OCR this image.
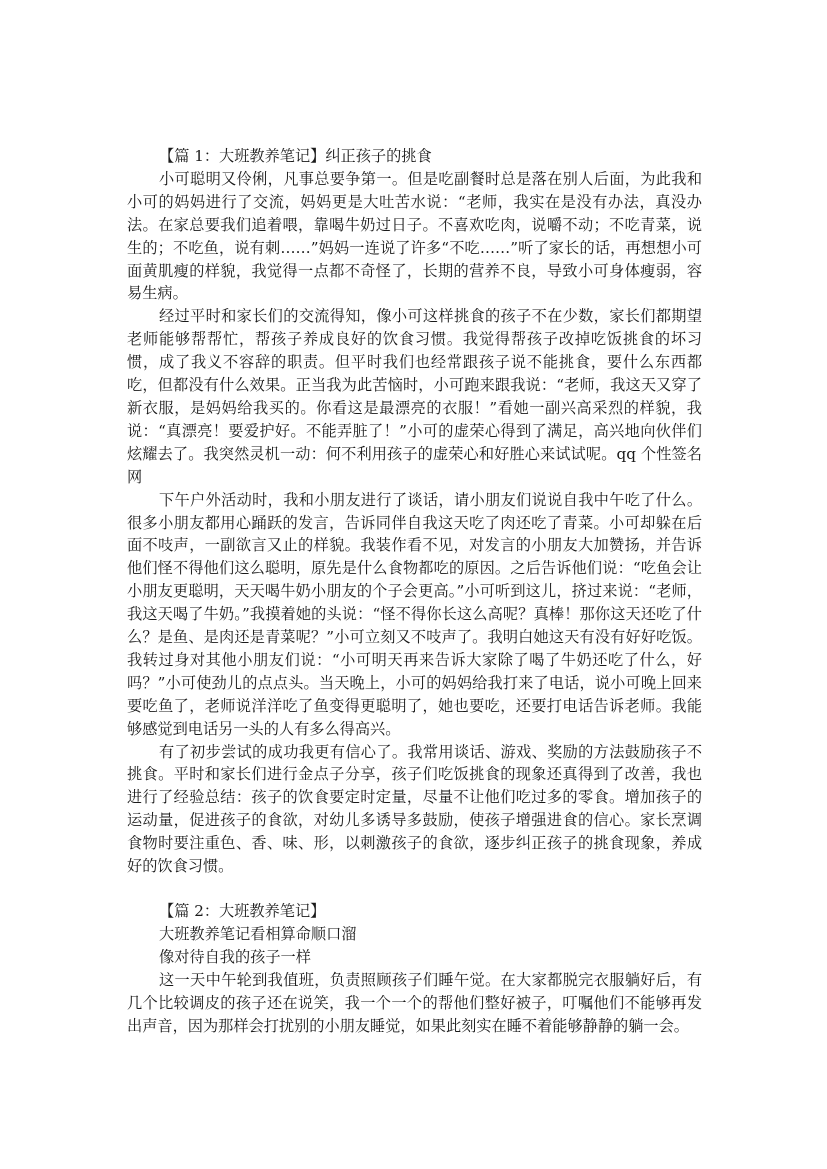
【篇 1：大班教养笔记】纠正孩子的挑食

小可聪明又伶俐，凡事总要争第一。但是吃副餐时总是落在别人后面，为此我和小可的妈妈进行了交流，妈妈更是大吐苦水说：“老师，我实在是没有办法，真没办法。在家总要我们追着喂，靠喝牛奶过日子。不喜欢吃肉，说嚼不动；不吃青菜，说生的；不吃鱼，说有刺……”妈妈一连说了许多“不吃……”听了家长的话，再想想小可面黄肌瘦的样貌，我觉得一点都不奇怪了，长期的营养不良，导致小可身体瘦弱，容易生病。

经过平时和家长们的交流得知，像小可这样挑食的孩子不在少数，家长们都期望老师能够帮帮忙，帮孩子养成良好的饮食习惯。我觉得帮孩子改掉吃饭挑食的坏习惯，成了我义不容辞的职责。但平时我们也经常跟孩子说不能挑食，要什么东西都吃，但都没有什么效果。正当我为此苦恼时，小可跑来跟我说：“老师，我这天又穿了新衣服，是妈妈给我买的。你看这是最漂亮的衣服！”看她一副兴高采烈的样貌，我说：“真漂亮！要爱护好。不能弄脏了！”小可的虚荣心得到了满足，高兴地向伙伴们炫耀去了。我突然灵机一动：何不利用孩子的虚荣心和好胜心来试试呢。qq 个性签名网

下午户外活动时，我和小朋友进行了谈话，请小朋友们说说自我中午吃了什么。很多小朋友都用心踊跃的发言，告诉同伴自我这天吃了肉还吃了青菜。小可却躲在后面不吱声，一副欲言又止的样貌。我装作看不见，对发言的小朋友大加赞扬，并告诉他们怪不得他们这么聪明，原先是什么食物都吃的原因。之后告诉他们说：“吃鱼会让小朋友更聪明，天天喝牛奶小朋友的个子会更高。”小可听到这儿，挤过来说：“老师，我这天喝了牛奶。”我摸着她的头说：“怪不得你长这么高呢？真棒！那你这天还吃了什么？是鱼、是肉还是青菜呢？”小可立刻又不吱声了。我明白她这天有没有好好吃饭。我转过身对其他小朋友们说：“小可明天再来告诉大家除了喝了牛奶还吃了什么，好吗？”小可使劲儿的点点头。当天晚上，小可的妈妈给我打来了电话，说小可晚上回来要吃鱼了，老师说洋洋吃了鱼变得更聪明了，她也要吃，还要打电话告诉老师。我能够感觉到电话另一头的人有多么得高兴。

有了初步尝试的成功我更有信心了。我常用谈话、游戏、奖励的方法鼓励孩子不挑食。平时和家长们进行金点子分享，孩子们吃饭挑食的现象还真得到了改善，我也进行了经验总结：孩子的饮食要定时定量，尽量不让他们吃过多的零食。增加孩子的运动量，促进孩子的食欲，对幼儿多诱导多鼓励，使孩子增强进食的信心。家长烹调食物时要注重色、香、味、形，以刺激孩子的食欲，逐步纠正孩子的挑食现象，养成好的饮食习惯。

【篇 2：大班教养笔记】

大班教养笔记看相算命顺口溜

像对待自我的孩子一样

这一天中午轮到我值班，负责照顾孩子们睡午觉。在大家都脱完衣服躺好后，有几个比较调皮的孩子还在说笑，我一个一个的帮他们整好被子，叮嘱他们不能够再发出声音，因为那样会打扰别的小朋友睡觉，如果此刻实在睡不着能够静静的躺一会。
